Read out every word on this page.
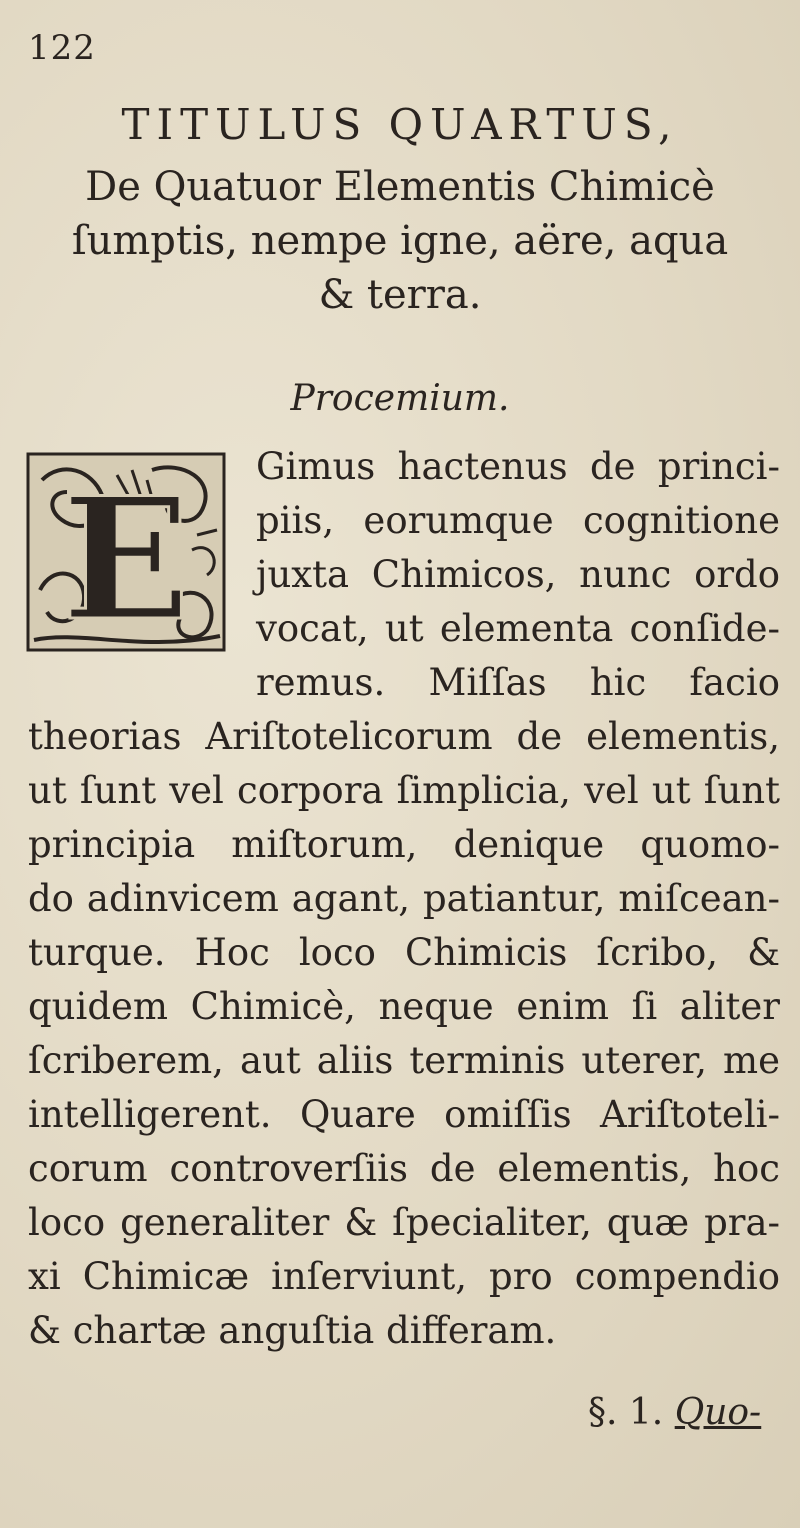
122
TITULUS QUARTUS,
De Quatuor Elementis Chimicè
ſumptis, nempe igne, aëre, aqua
& terra.
Procemium.
E	Gimus hactenus de princi-
piis, eorumque cognitione
juxta Chimicos, nunc ordo
vocat, ut elementa conſide-
remus. Miſſas hic facio
theorias Ariſtotelicorum de elementis,
ut ſunt vel corpora ſimplicia, vel ut ſunt
principia miſtorum, denique quomo-
do adinvicem agant, patiantur, miſcean-
turque. Hoc loco Chimicis ſcribo, &
quidem Chimicè, neque enim ſi aliter
ſcriberem, aut aliis terminis uterer, me
intelligerent. Quare omiſſis Ariſtoteli-
corum controverſiis de elementis, hoc
loco generaliter & ſpecialiter, quæ pra-
xi Chimicæ inſerviunt, pro compendio
& chartæ anguſtia differam.
§. 1. Quo-
